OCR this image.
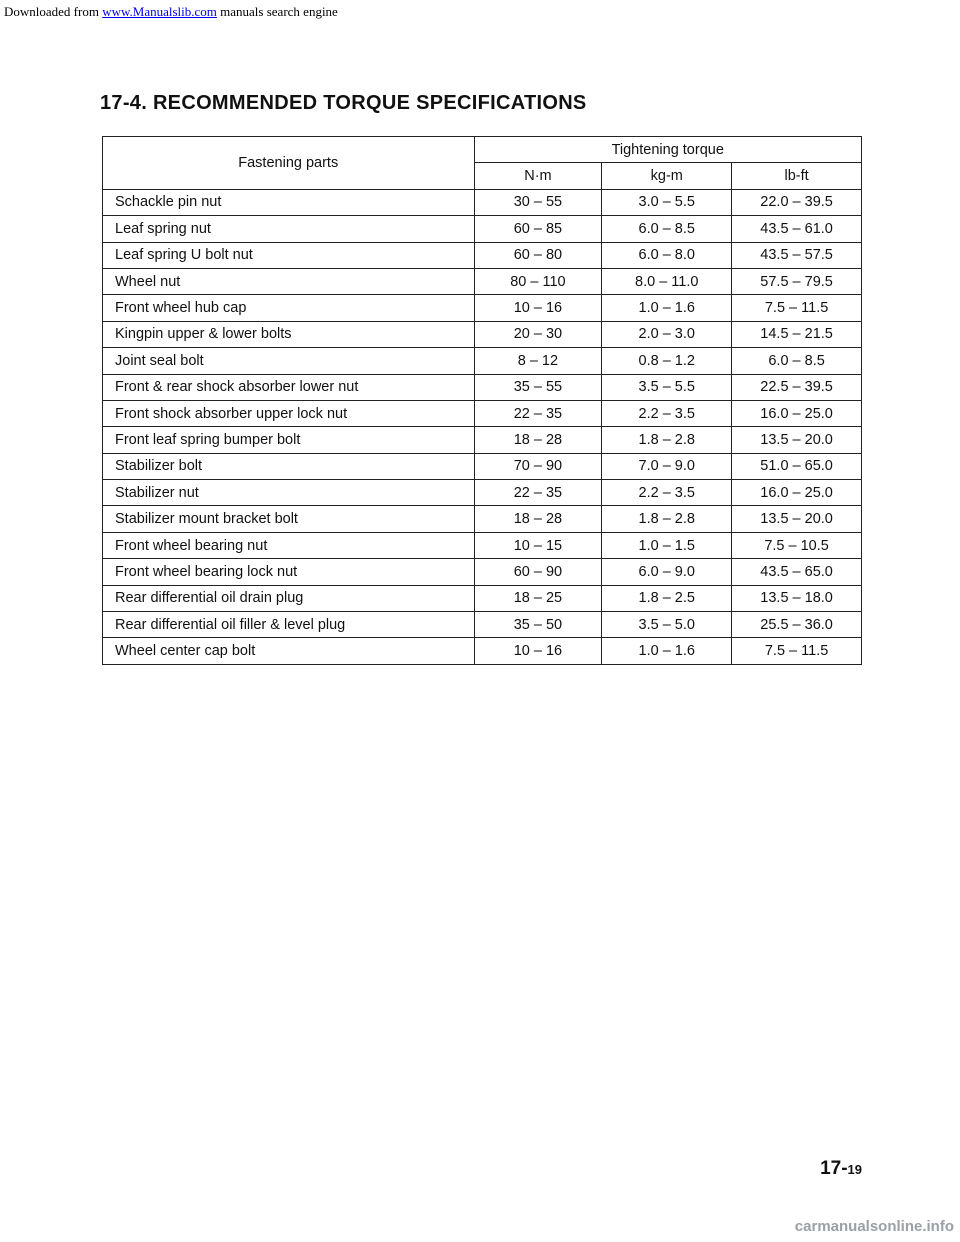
Downloaded from www.Manualslib.com manuals search engine
17-4. RECOMMENDED TORQUE SPECIFICATIONS
Fastening parts	Tightening torque		
	N·m	kg-m	lb-ft
Schackle pin nut	30 – 55	3.0 – 5.5	22.0 – 39.5
Leaf spring nut	60 – 85	6.0 – 8.5	43.5 – 61.0
Leaf spring U bolt nut	60 – 80	6.0 – 8.0	43.5 – 57.5
Wheel nut	80 – 110	8.0 – 11.0	57.5 – 79.5
Front wheel hub cap	10 – 16	1.0 – 1.6	7.5 – 11.5
Kingpin upper & lower bolts	20 – 30	2.0 – 3.0	14.5 – 21.5
Joint seal bolt	8 – 12	0.8 – 1.2	6.0 – 8.5
Front & rear shock absorber lower nut	35 – 55	3.5 – 5.5	22.5 – 39.5
Front shock absorber upper lock nut	22 – 35	2.2 – 3.5	16.0 – 25.0
Front leaf spring bumper bolt	18 – 28	1.8 – 2.8	13.5 – 20.0
Stabilizer bolt	70 – 90	7.0 – 9.0	51.0 – 65.0
Stabilizer nut	22 – 35	2.2 – 3.5	16.0 – 25.0
Stabilizer mount bracket bolt	18 – 28	1.8 – 2.8	13.5 – 20.0
Front wheel bearing nut	10 – 15	1.0 – 1.5	7.5 – 10.5
Front wheel bearing lock nut	60 – 90	6.0 – 9.0	43.5 – 65.0
Rear differential oil drain plug	18 – 25	1.8 – 2.5	13.5 – 18.0
Rear differential oil filler & level plug	35 – 50	3.5 – 5.0	25.5 – 36.0
Wheel center cap bolt	10 – 16	1.0 – 1.6	7.5 – 11.5
17-19
carmanualsonline.info
